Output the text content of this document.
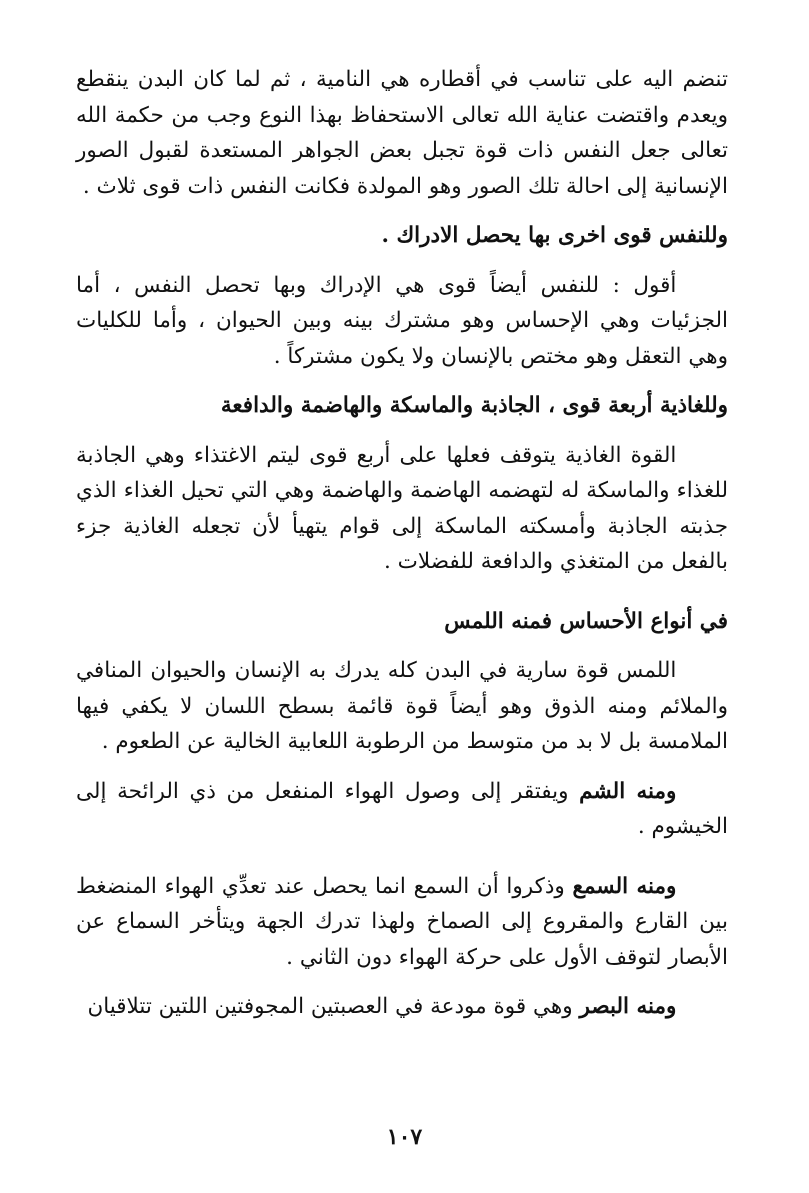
تنضم اليه على تناسب في أقطاره هي النامية ، ثم لما كان البدن ينقطع ويعدم واقتضت عناية الله تعالى الاستحفاظ بهذا النوع وجب من حكمة الله تعالى جعل النفس ذات قوة تجبل بعض الجواهر المستعدة لقبول الصور الإنسانية إلى احالة تلك الصور وهو المولدة فكانت النفس ذات قوى ثلاث .

وللنفس قوى اخرى بها يحصل الادراك .

أقول : للنفس أيضاً قوى هي الإدراك وبها تحصل النفس ، أما الجزئيات وهي الإحساس وهو مشترك بينه وبين الحيوان ، وأما للكليات وهي التعقل وهو مختص بالإنسان ولا يكون مشتركاً .

وللغاذية أربعة قوى ، الجاذبة والماسكة والهاضمة والدافعة

القوة الغاذية يتوقف فعلها على أربع قوى ليتم الاغتذاء وهي الجاذبة للغذاء والماسكة له لتهضمه الهاضمة والهاضمة وهي التي تحيل الغذاء الذي جذبته الجاذبة وأمسكته الماسكة إلى قوام يتهيأ لأن تجعله الغاذية جزء بالفعل من المتغذي والدافعة للفضلات .

في أنواع الأحساس فمنه اللمس

اللمس قوة سارية في البدن كله يدرك به الإنسان والحيوان المنافي والملائم ومنه الذوق وهو أيضاً قوة قائمة بسطح اللسان لا يكفي فيها الملامسة بل لا بد من متوسط من الرطوبة اللعابية الخالية عن الطعوم .

ومنه الشم ويفتقر إلى وصول الهواء المنفعل من ذي الرائحة إلى الخيشوم .

ومنه السمع وذكروا أن السمع انما يحصل عند تعدِّي الهواء المنضغط بين القارع والمقروع إلى الصماخ ولهذا تدرك الجهة ويتأخر السماع عن الأبصار لتوقف الأول على حركة الهواء دون الثاني .

ومنه البصر وهي قوة مودعة في العصبتين المجوفتين اللتين تتلاقيان

١٠٧
